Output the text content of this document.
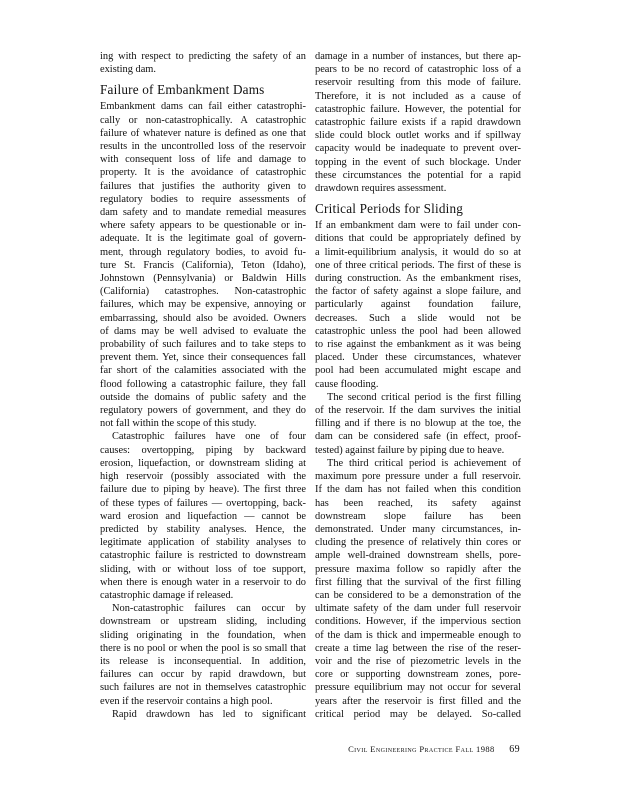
ing with respect to predicting the safety of an
existing dam.
Failure of Embankment Dams
Embankment dams can fail either catastrophi-
cally or non-catastrophically. A catastrophic
failure of whatever nature is defined as one that
results in the uncontrolled loss of the reservoir
with consequent loss of life and damage to
property. It is the avoidance of catastrophic
failures that justifies the authority given to
regulatory bodies to require assessments of
dam safety and to mandate remedial measures
where safety appears to be questionable or in-
adequate. It is the legitimate goal of govern-
ment, through regulatory bodies, to avoid fu-
ture St. Francis (California), Teton (Idaho),
Johnstown (Pennsylvania) or Baldwin Hills
(California) catastrophes. Non-catastrophic
failures, which may be expensive, annoying or
embarrassing, should also be avoided. Owners
of dams may be well advised to evaluate the
probability of such failures and to take steps to
prevent them. Yet, since their consequences fall
far short of the calamities associated with the
flood following a catastrophic failure, they fall
outside the domains of public safety and the
regulatory powers of government, and they do
not fall within the scope of this study.
Catastrophic failures have one of four
causes: overtopping, piping by backward
erosion, liquefaction, or downstream sliding at
high reservoir (possibly associated with the
failure due to piping by heave). The first three
of these types of failures — overtopping, back-
ward erosion and liquefaction — cannot be
predicted by stability analyses. Hence, the
legitimate application of stability analyses to
catastrophic failure is restricted to downstream
sliding, with or without loss of toe support,
when there is enough water in a reservoir to do
catastrophic damage if released.
Non-catastrophic failures can occur by
downstream or upstream sliding, including
sliding originating in the foundation, when
there is no pool or when the pool is so small that
its release is inconsequential. In addition,
failures can occur by rapid drawdown, but
such failures are not in themselves catastrophic
even if the reservoir contains a high pool.
Rapid drawdown has led to significant
damage in a number of instances, but there ap-
pears to be no record of catastrophic loss of a
reservoir resulting from this mode of failure.
Therefore, it is not included as a cause of
catastrophic failure. However, the potential for
catastrophic failure exists if a rapid drawdown
slide could block outlet works and if spillway
capacity would be inadequate to prevent over-
topping in the event of such blockage. Under
these circumstances the potential for a rapid
drawdown requires assessment.
Critical Periods for Sliding
If an embankment dam were to fail under con-
ditions that could be appropriately defined by
a limit-equilibrium analysis, it would do so at
one of three critical periods. The first of these is
during construction. As the embankment rises,
the factor of safety against a slope failure, and
particularly against foundation failure,
decreases. Such a slide would not be
catastrophic unless the pool had been allowed
to rise against the embankment as it was being
placed. Under these circumstances, whatever
pool had been accumulated might escape and
cause flooding.
The second critical period is the first filling
of the reservoir. If the dam survives the initial
filling and if there is no blowup at the toe, the
dam can be considered safe (in effect, proof-
tested) against failure by piping due to heave.
The third critical period is achievement of
maximum pore pressure under a full reservoir.
If the dam has not failed when this condition
has been reached, its safety against
downstream slope failure has been
demonstrated. Under many circumstances, in-
cluding the presence of relatively thin cores or
ample well-drained downstream shells, pore-
pressure maxima follow so rapidly after the
first filling that the survival of the first filling
can be considered to be a demonstration of the
ultimate safety of the dam under full reservoir
conditions. However, if the impervious section
of the dam is thick and impermeable enough to
create a time lag between the rise of the reser-
voir and the rise of piezometric levels in the
core or supporting downstream zones, pore-
pressure equilibrium may not occur for several
years after the reservoir is first filled and the
critical period may be delayed. So-called
Civil Engineering Practice Fall 1988 69
